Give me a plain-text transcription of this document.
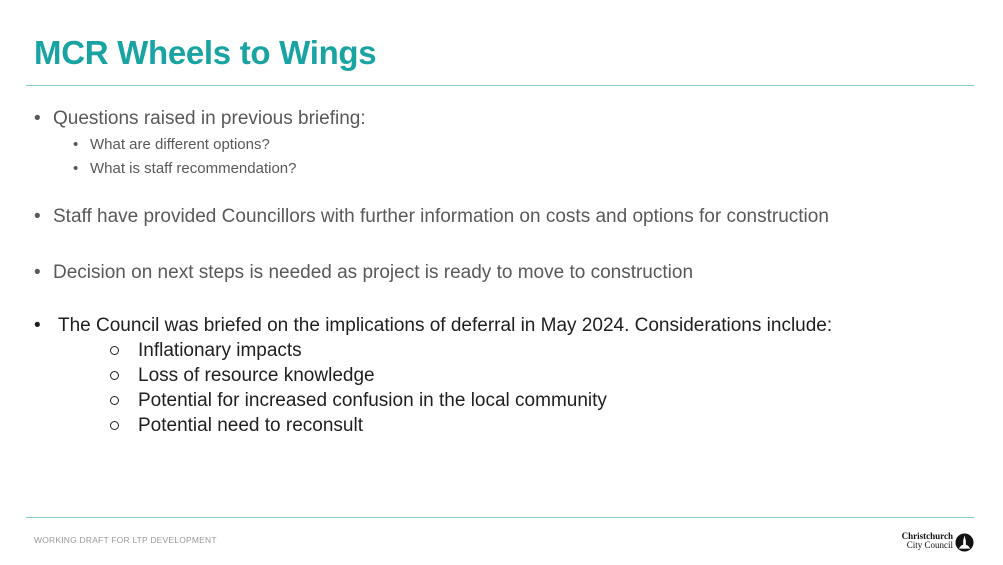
MCR Wheels to Wings
• Questions raised in previous briefing:
• What are different options?
• What is staff recommendation?
• Staff have provided Councillors with further information on costs and options for construction
• Decision on next steps is needed as project is ready to move to construction
• The Council was briefed on the implications of deferral in May 2024. Considerations include:
Inflationary impacts
Loss of resource knowledge
Potential for increased confusion in the local community
Potential need to reconsult
WORKING DRAFT FOR LTP DEVELOPMENT	Christchurch
City Council
